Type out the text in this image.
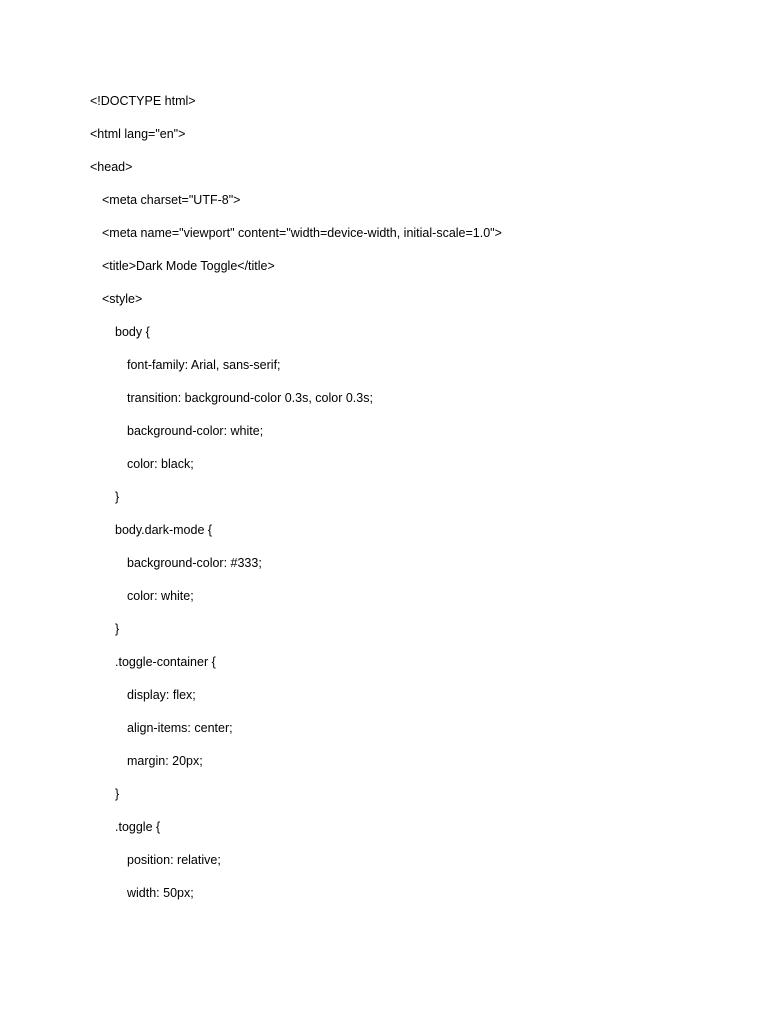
<!DOCTYPE html>
<html lang="en">
<head>
<meta charset="UTF-8">
<meta name="viewport" content="width=device-width, initial-scale=1.0">
<title>Dark Mode Toggle</title>
<style>
body {
font-family: Arial, sans-serif;
transition: background-color 0.3s, color 0.3s;
background-color: white;
color: black;
}
body.dark-mode {
background-color: #333;
color: white;
}
.toggle-container {
display: flex;
align-items: center;
margin: 20px;
}
.toggle {
position: relative;
width: 50px;
